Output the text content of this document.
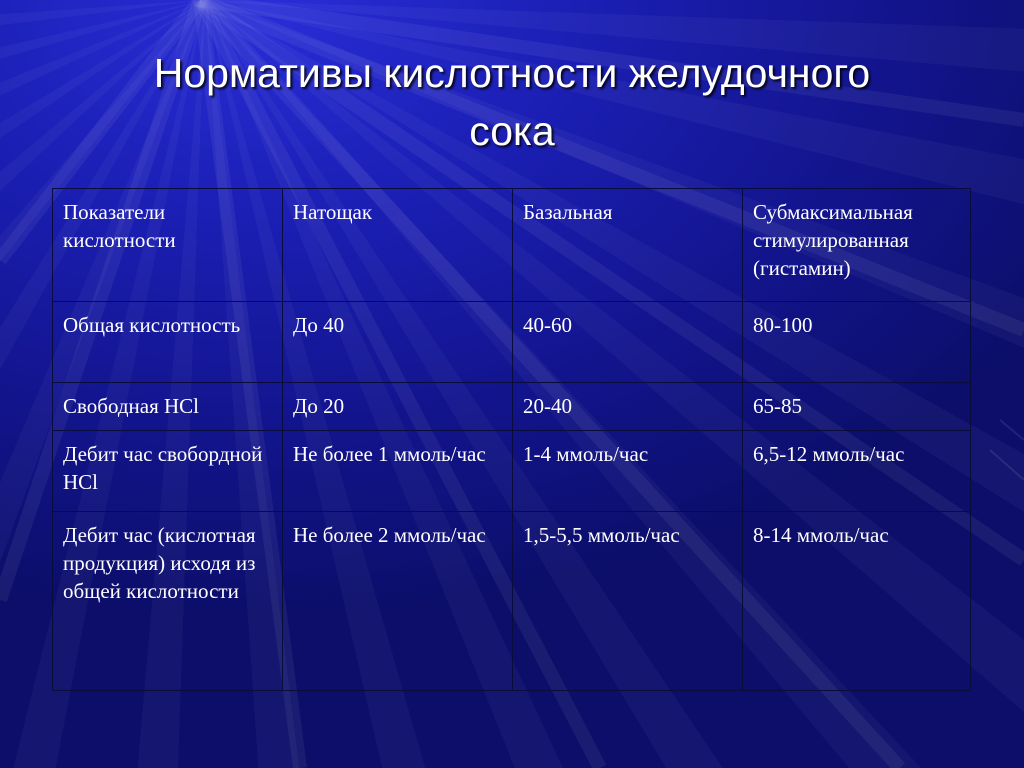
Нормативы кислотности желудочного
сока
Показатели кислотности	Натощак	Базальная	Субмаксимальная стимулированная (гистамин)
Общая кислотность	До 40	40-60	80-100
Свободная НСl	До 20	20-40	65-85
Дебит час свобордной НСl	Не более 1 ммоль/час	1-4 ммоль/час	6,5-12 ммоль/час
Дебит час (кислотная продукция) исходя из общей кислотности	Не более 2 ммоль/час	1,5-5,5 ммоль/час	8-14 ммоль/час
